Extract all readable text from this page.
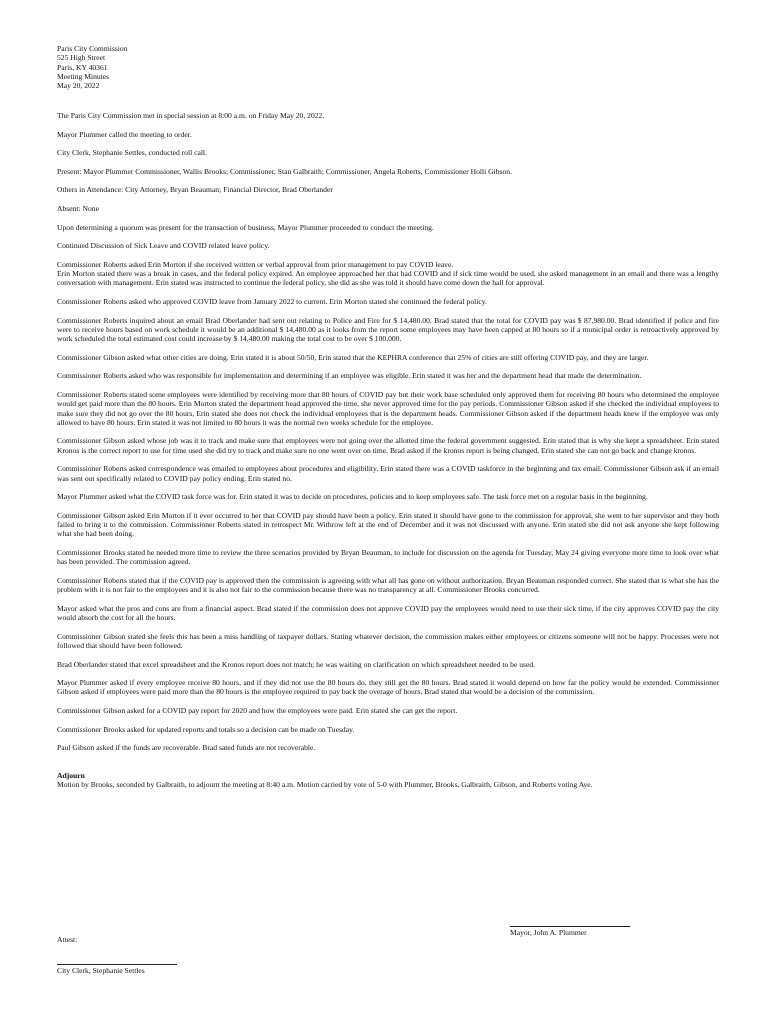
Paris City Commission
525 High Street
Paris, KY 40361
Meeting Minutes
May 20, 2022

The Paris City Commission met in special session at 8:00 a.m. on Friday May 20, 2022.

Mayor Plummer called the meeting to order.

City Clerk, Stephanie Settles, conducted roll call.

Present: Mayor Plummer Commissioner, Wallis Brooks; Commissioner, Stan Galbraith; Commissioner, Angela Roberts, Commissioner Holli Gibson.

Others in Attendance: City Attorney, Bryan Beauman; Financial Director, Brad Oberlander

Absent: None

Upon determining a quorum was present for the transaction of business, Mayor Plummer proceeded to conduct the meeting.

Continued Discussion of Sick Leave and COVID related leave policy.

Commissioner Roberts asked Erin Morton if she received written or verbal approval from prior management to pay COVID leave.
Erin Morton stated there was a break in cases, and the federal policy expired. An employee approached her that had COVID and if sick time would be used, she asked management in an email and there was a lengthy conversation with management. Erin stated was instructed to continue the federal policy, she did as she was told it should have come down the hall for approval.

Commissioner Roberts asked who approved COVID leave from January 2022 to current. Erin Morton stated she continued the federal policy.

Commissioner Roberts inquired about an email Brad Oberlander had sent out relating to Police and Fire for $ 14,480.00. Brad stated that the total for COVID pay was $ 87,980.00. Brad identified if police and fire were to receive hours based on work schedule it would be an additional $ 14,480.00 as it looks from the report some employees may have been capped at 80 hours so if a municipal order is retroactively approved by work scheduled the total estimated cost could increase by $ 14,480.00 making the total cost to be over $ 100,000.

Commissioner Gibson asked what other cities are doing. Erin stated it is about 50/50, Erin stated that the KEPHRA conference that 25% of cities are still offering COVID pay, and they are larger.

Commissioner Roberts asked who was responsible for implementation and determining if an employee was eligible. Erin stated it was her and the department head that made the determination.

Commissioner Roberts stated some employees were identified by receiving more that 80 hours of COVID pay but their work base scheduled only approved them for receiving 80 hours who determined the employee would get paid more than the 80 hours. Erin Morton stated the department head approved the time, she never approved time for the pay periods. Commissioner Gibson asked if she checked the individual employees to make sure they did not go over the 80 hours, Erin stated she does not check the individual employees that is the department heads. Commissioner Gibson asked if the department heads knew if the employee was only allowed to have 80 hours. Erin stated it was not limited to 80 hours it was the normal two weeks schedule for the employee.

Commissioner Gibson asked whose job was it to track and make sure that employees were not going over the allotted time the federal government suggested. Erin stated that is why she kept a spreadsheet. Erin stated Kronos is the correct report to use for time used she did try to track and make sure no one went over on time. Brad asked if the kronos report is being changed, Erin stated she can not go back and change kronos.

Commissioner Roberts asked correspondence was emailed to employees about procedures and eligibility. Erin stated there was a COVID taskforce in the beginning and tax email. Commissioner Gibson ask if an email was sent out specifically related to COVID pay policy ending. Erin stated no.

Mayor Plummer asked what the COVID task force was for. Erin stated it was to decide on procedures, policies and to keep employees safe. The task force met on a regular basis in the beginning.

Commissioner Gibson asked Erin Morton if it ever occurred to her that COVID pay should have been a policy. Erin stated it should have gone to the commission for approval, she went to her supervisor and they both failed to bring it to the commission. Commissioner Roberts stated in retrospect Mr. Withrow left at the end of December and it was not discussed with anyone. Erin stated she did not ask anyone she kept following what she had been doing.

Commissioner Brooks stated he needed more time to review the three scenarios provided by Bryan Beauman, to include for discussion on the agenda for Tuesday, May 24 giving everyone more time to look over what has been provided. The commission agreed.

Commissioner Roberts stated that if the COVID pay is approved then the commission is agreeing with what all has gone on without authorization. Bryan Beauman responded correct. She stated that is what she has the problem with it is not fair to the employees and it is also not fair to the commission because there was no transparency at all. Commissioner Brooks concurred.

Mayor asked what the pros and cons are from a financial aspect. Brad stated if the commission does not approve COVID pay the employees would need to use their sick time, if the city approves COVID pay the city would absorb the cost for all the hours.

Commissioner Gibson stated she feels this has been a miss handling of taxpayer dollars. Stating whatever decision, the commission makes either employees or citizens someone will not be happy. Processes were not followed that should have been followed.

Brad Oberlander stated that excel spreadsheet and the Kronos report does not match; he was waiting on clarification on which spreadsheet needed to be used.

Mayor Plummer asked if every employee receive 80 hours, and if they did not use the 80 hours do, they still get the 80 hours. Brad stated it would depend on how far the policy would be extended. Commissioner Gibson asked if employees were paid more than the 80 hours is the employee required to pay back the overage of hours, Brad stated that would be a decision of the commission.

Commissioner Gibson asked for a COVID pay report for 2020 and how the employees were paid. Erin stated she can get the report.

Commissioner Brooks asked for updated reports and totals so a decision can be made on Tuesday.

Paul Gibson asked if the funds are recoverable. Brad sated funds are not recoverable.

Adjourn

Motion by Brooks, seconded by Galbraith, to adjourn the meeting at 8:40 a.m. Motion carried by vote of 5-0 with Plummer, Brooks, Galbraith, Gibson, and Roberts voting Aye.

Mayor, John A. Plummer
Attest:
City Clerk, Stephanie Settles
